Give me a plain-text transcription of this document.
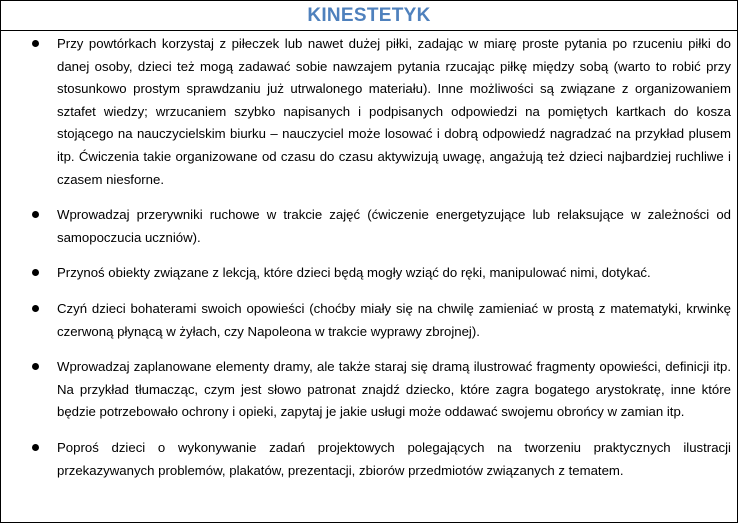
KINESTETYK
Przy powtórkach korzystaj z piłeczek lub nawet dużej piłki, zadając w miarę proste pytania po rzuceniu piłki do danej osoby, dzieci też mogą zadawać sobie nawzajem pytania rzucając piłkę między sobą (warto to robić przy stosunkowo prostym sprawdzaniu już utrwalonego materiału). Inne możliwości są związane z organizowaniem sztafet wiedzy; wrzucaniem szybko napisanych i podpisanych odpowiedzi na pomiętych kartkach do kosza stojącego na nauczycielskim biurku – nauczyciel może losować i dobrą odpowiedź nagradzać na przykład plusem itp. Ćwiczenia takie organizowane od czasu do czasu aktywizują uwagę, angażują też dzieci najbardziej ruchliwe i czasem niesforne.
Wprowadzaj przerywniki ruchowe w trakcie zajęć (ćwiczenie energetyzujące lub relaksujące w zależności od samopoczucia uczniów).
Przynoś obiekty związane z lekcją, które dzieci będą mogły wziąć do ręki, manipulować nimi, dotykać.
Czyń dzieci bohaterami swoich opowieści (choćby miały się na chwilę zamieniać w prostą z matematyki, krwinkę czerwoną płynącą w żyłach, czy Napoleona w trakcie wyprawy zbrojnej).
Wprowadzaj zaplanowane elementy dramy, ale także staraj się dramą ilustrować fragmenty opowieści, definicji itp. Na przykład tłumacząc, czym jest słowo patronat znajdź dziecko, które zagra bogatego arystokratę, inne które będzie potrzebowało ochrony i opieki, zapytaj je jakie usługi może oddawać swojemu obrońcy w zamian itp.
Poproś dzieci o wykonywanie zadań projektowych polegających na tworzeniu praktycznych ilustracji przekazywanych problemów, plakatów, prezentacji, zbiorów przedmiotów związanych z tematem.
